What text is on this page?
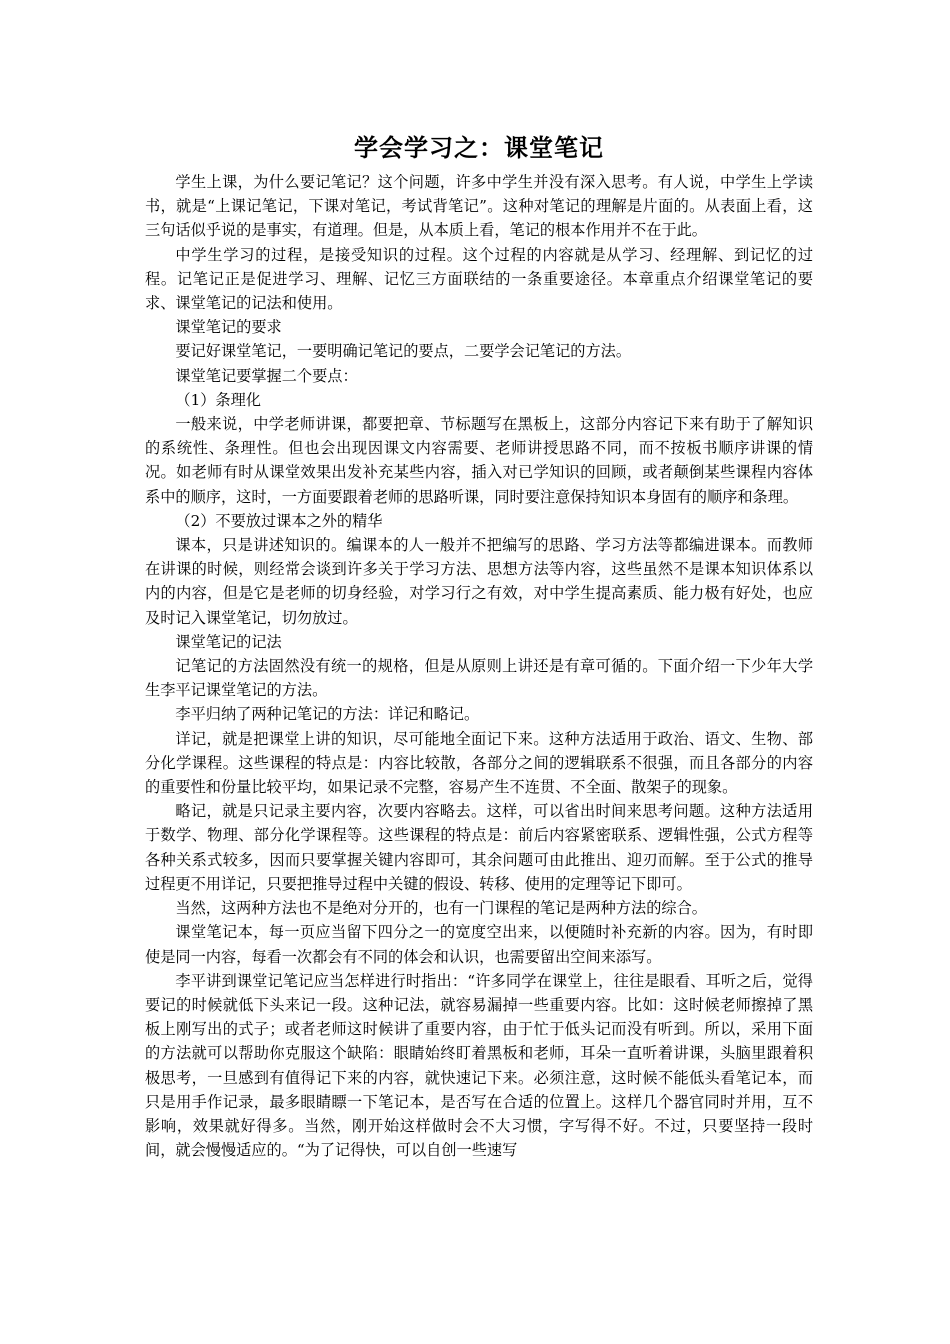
学会学习之：课堂笔记

学生上课，为什么要记笔记？这个问题，许多中学生并没有深入思考。有人说，中学生上学读书，就是“上课记笔记，下课对笔记，考试背笔记”。这种对笔记的理解是片面的。从表面上看，这三句话似乎说的是事实，有道理。但是，从本质上看，笔记的根本作用并不在于此。

中学生学习的过程，是接受知识的过程。这个过程的内容就是从学习、经理解、到记忆的过程。记笔记正是促进学习、理解、记忆三方面联结的一条重要途径。本章重点介绍课堂笔记的要求、课堂笔记的记法和使用。

课堂笔记的要求

要记好课堂笔记，一要明确记笔记的要点，二要学会记笔记的方法。

课堂笔记要掌握二个要点：

（1）条理化

一般来说，中学老师讲课，都要把章、节标题写在黑板上，这部分内容记下来有助于了解知识的系统性、条理性。但也会出现因课文内容需要、老师讲授思路不同，而不按板书顺序讲课的情况。如老师有时从课堂效果出发补充某些内容，插入对已学知识的回顾，或者颠倒某些课程内容体系中的顺序，这时，一方面要跟着老师的思路听课，同时要注意保持知识本身固有的顺序和条理。

（2）不要放过课本之外的精华

课本，只是讲述知识的。编课本的人一般并不把编写的思路、学习方法等都编进课本。而教师在讲课的时候，则经常会谈到许多关于学习方法、思想方法等内容，这些虽然不是课本知识体系以内的内容，但是它是老师的切身经验，对学习行之有效，对中学生提高素质、能力极有好处，也应及时记入课堂笔记，切勿放过。

课堂笔记的记法

记笔记的方法固然没有统一的规格，但是从原则上讲还是有章可循的。下面介绍一下少年大学生李平记课堂笔记的方法。

李平归纳了两种记笔记的方法：详记和略记。

详记，就是把课堂上讲的知识，尽可能地全面记下来。这种方法适用于政治、语文、生物、部分化学课程。这些课程的特点是：内容比较散，各部分之间的逻辑联系不很强，而且各部分的内容的重要性和份量比较平均，如果记录不完整，容易产生不连贯、不全面、散架子的现象。

略记，就是只记录主要内容，次要内容略去。这样，可以省出时间来思考问题。这种方法适用于数学、物理、部分化学课程等。这些课程的特点是：前后内容紧密联系、逻辑性强，公式方程等各种关系式较多，因而只要掌握关键内容即可，其余问题可由此推出、迎刃而解。至于公式的推导过程更不用详记，只要把推导过程中关键的假设、转移、使用的定理等记下即可。

当然，这两种方法也不是绝对分开的，也有一门课程的笔记是两种方法的综合。

课堂笔记本，每一页应当留下四分之一的宽度空出来，以便随时补充新的内容。因为，有时即使是同一内容，每看一次都会有不同的体会和认识，也需要留出空间来添写。

李平讲到课堂记笔记应当怎样进行时指出：“许多同学在课堂上，往往是眼看、耳听之后，觉得要记的时候就低下头来记一段。这种记法，就容易漏掉一些重要内容。比如：这时候老师擦掉了黑板上刚写出的式子；或者老师这时候讲了重要内容，由于忙于低头记而没有听到。所以，采用下面的方法就可以帮助你克服这个缺陷：眼睛始终盯着黑板和老师，耳朵一直听着讲课，头脑里跟着积极思考，一旦感到有值得记下来的内容，就快速记下来。必须注意，这时候不能低头看笔记本，而只是用手作记录，最多眼睛瞟一下笔记本，是否写在合适的位置上。这样几个器官同时并用，互不影响，效果就好得多。当然，刚开始这样做时会不大习惯，字写得不好。不过，只要坚持一段时间，就会慢慢适应的。“为了记得快，可以自创一些速写
